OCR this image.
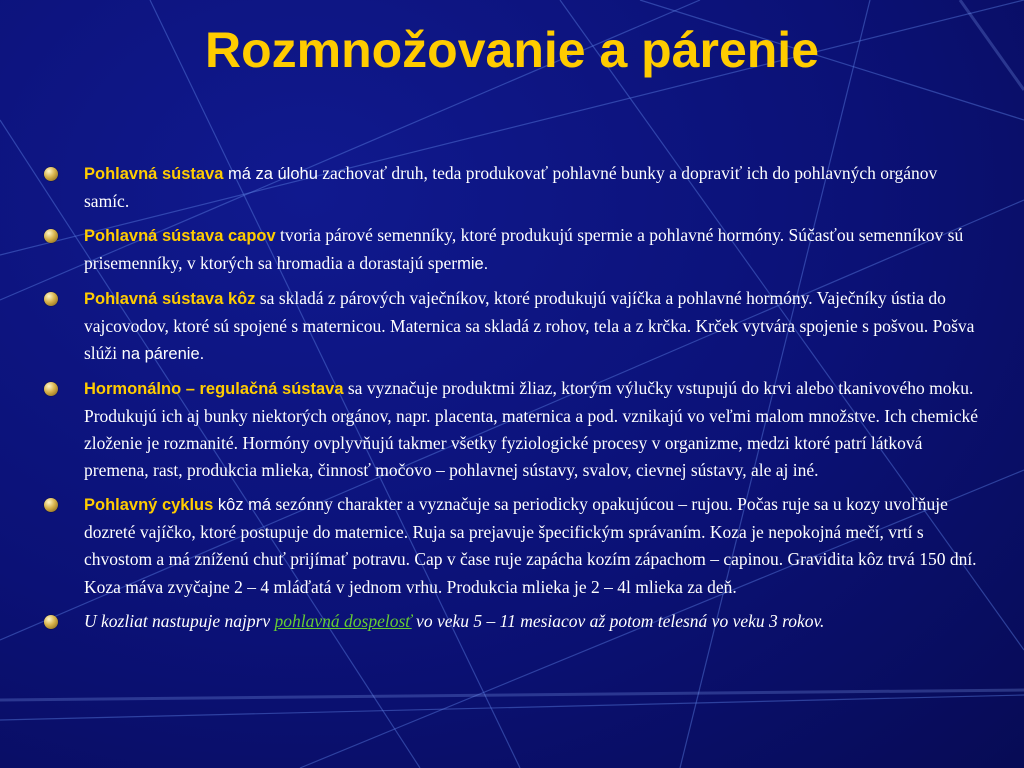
Rozmnožovanie a párenie
Pohlavná sústava má za úlohu zachovať druh, teda produkovať pohlavné bunky a dopraviť ich do pohlavných orgánov samíc.
Pohlavná sústava capov tvoria párové semenníky, ktoré produkujú spermie a pohlavné hormóny. Súčasťou semenníkov sú prisemenníky, v ktorých sa hromadia a dorastajú spermie.
Pohlavná sústava kôz sa skladá z párových vaječníkov, ktoré produkujú vajíčka a pohlavné hormóny. Vaječníky ústia do vajcovodov, ktoré sú spojené s maternicou. Maternica sa skladá z rohov, tela a z krčka. Krček vytvára spojenie s pošvou. Pošva slúži na párenie.
Hormonálno – regulačná sústava sa vyznačuje produktmi žliaz, ktorým výlučky vstupujú do krvi alebo tkanivového moku. Produkujú ich aj bunky niektorých orgánov, napr. placenta, maternica a pod. vznikajú vo veľmi malom množstve. Ich chemické zloženie je rozmanité. Hormóny ovplyvňujú takmer všetky fyziologické procesy v organizme, medzi ktoré patrí látková premena, rast, produkcia mlieka, činnosť močovo – pohlavnej sústavy, svalov, cievnej sústavy, ale aj iné.
Pohlavný cyklus kôz má sezónny charakter a vyznačuje sa periodicky opakujúcou – rujou. Počas ruje sa u kozy uvoľňuje dozreté vajíčko, ktoré postupuje do maternice. Ruja sa prejavuje špecifickým správaním. Koza je nepokojná mečí, vrtí s chvostom a má zníženú chuť prijímať potravu. Cap v čase ruje zapácha kozím zápachom – capinou. Gravidita kôz trvá 150 dní. Koza máva zvyčajne 2 – 4 mláďatá v jednom vrhu. Produkcia mlieka je 2 – 4l mlieka za deň.
U kozliat nastupuje najprv pohlavná dospelosť vo veku 5 – 11 mesiacov až potom telesná vo veku 3 rokov.
